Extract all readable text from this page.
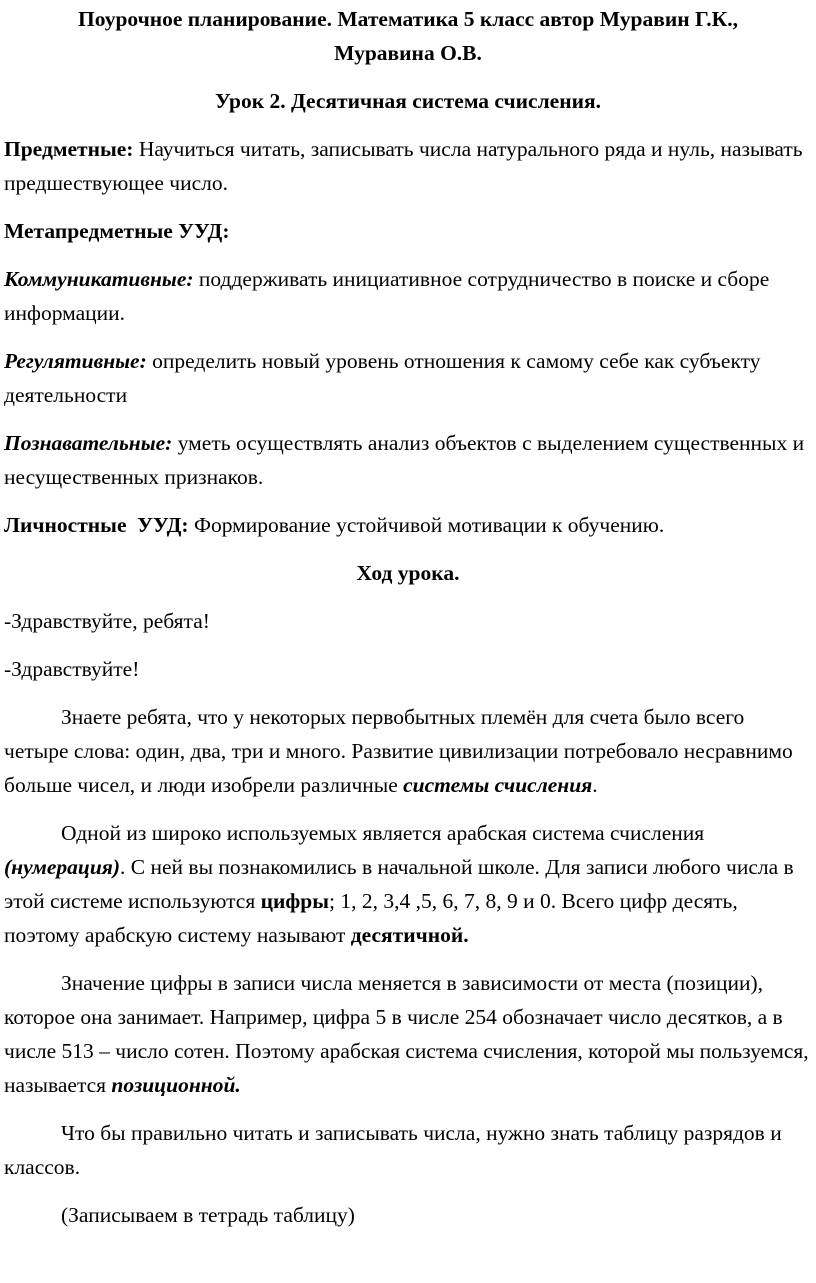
Поурочное планирование. Математика 5 класс автор Муравин Г.К.,
Муравина О.В.

Урок 2. Десятичная система счисления.

Предметные: Научиться читать, записывать числа натурального ряда и нуль, называть предшествующее число.

Метапредметные УУД:

Коммуникативные: поддерживать инициативное сотрудничество в поиске и сборе информации.

Регулятивные: определить новый уровень отношения к самому себе как субъекту деятельности

Познавательные: уметь осуществлять анализ объектов с выделением существенных и несущественных признаков.

Личностные  УУД: Формирование устойчивой мотивации к обучению.

Ход урока.

-Здравствуйте, ребята!

-Здравствуйте!

Знаете ребята, что у некоторых первобытных племён для счета было всего четыре слова: один, два, три и много. Развитие цивилизации потребовало несравнимо больше чисел, и люди изобрели различные системы счисления.

Одной из широко используемых является арабская система счисления (нумерация). С ней вы познакомились в начальной школе. Для записи любого числа в этой системе используются цифры; 1, 2, 3,4 ,5, 6, 7, 8, 9 и 0. Всего цифр десять, поэтому арабскую систему называют десятичной.

Значение цифры в записи числа меняется в зависимости от места (позиции), которое она занимает. Например, цифра 5 в числе 254 обозначает число десятков, а в числе 513 – число сотен. Поэтому арабская система счисления, которой мы пользуемся, называется позиционной.

Что бы правильно читать и записывать числа, нужно знать таблицу разрядов и классов.

(Записываем в тетрадь таблицу)
